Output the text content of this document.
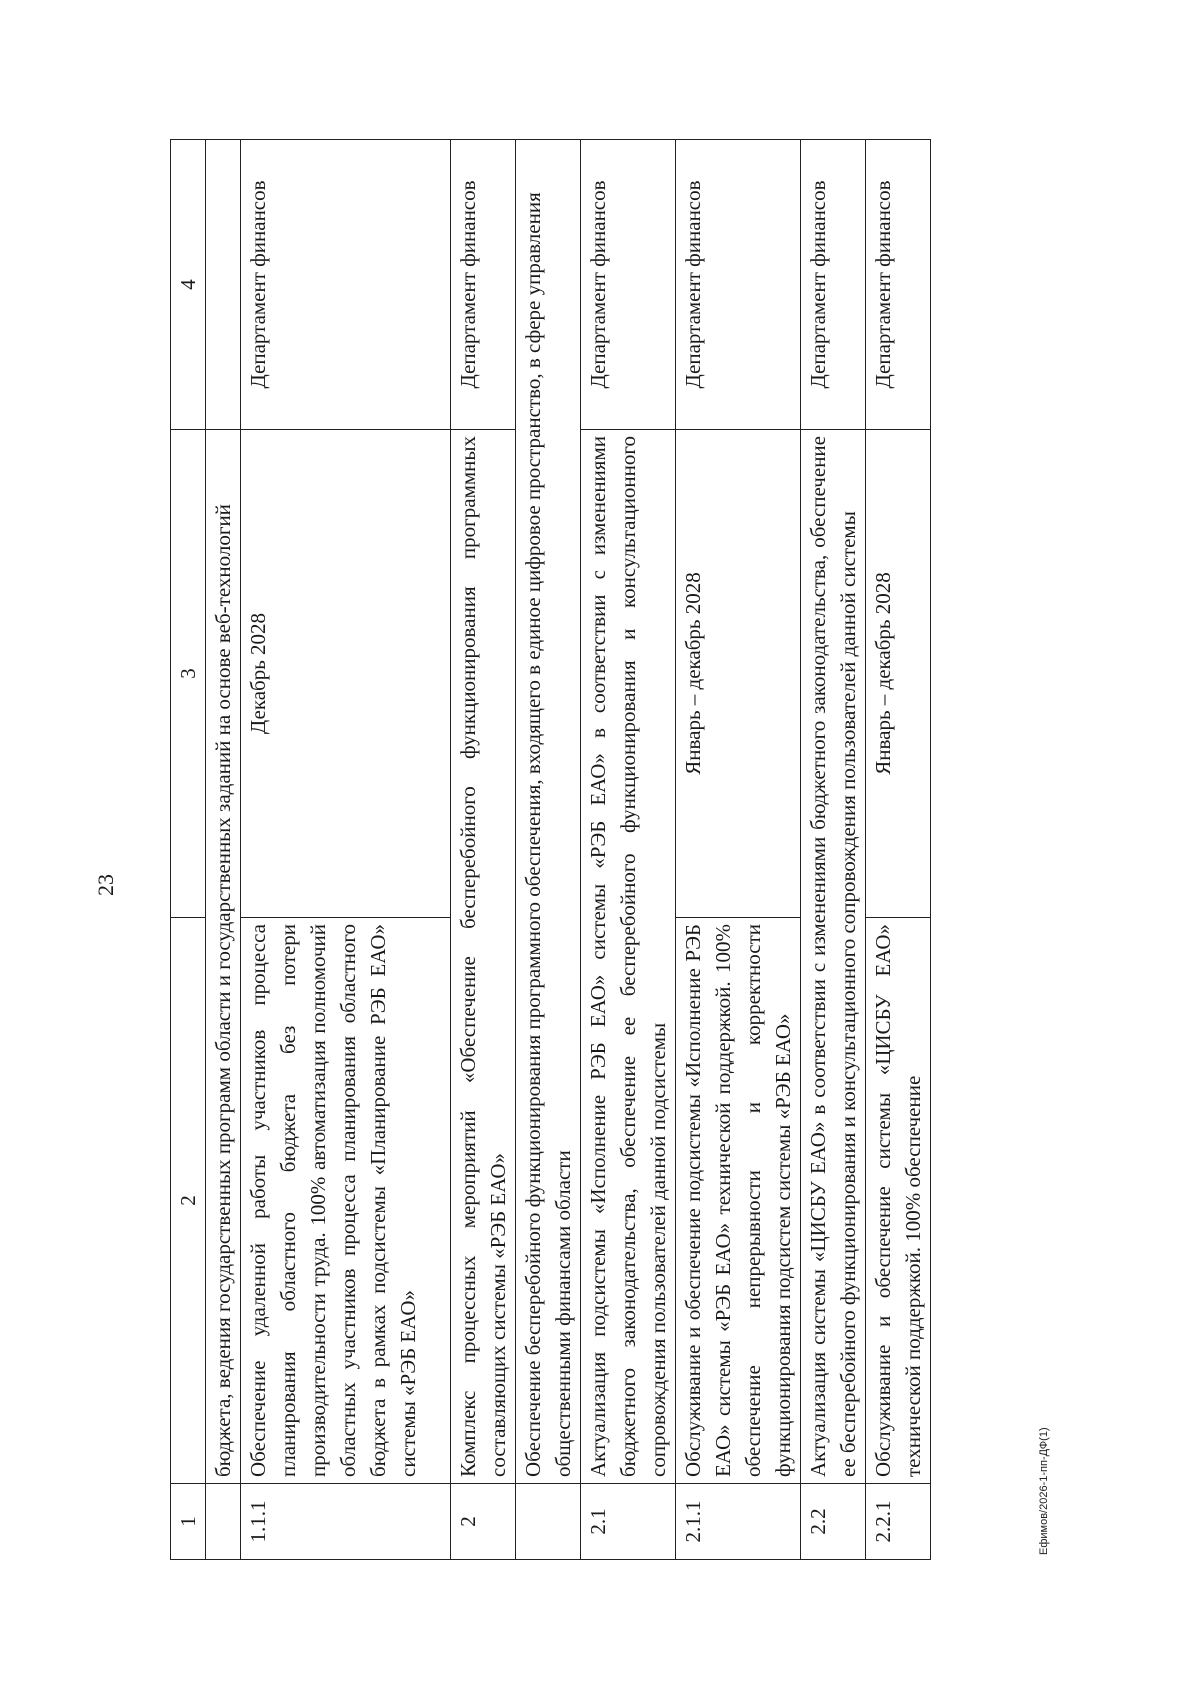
23
Ефимов/2026-1-пп-ДФ(1)
1	2	3	4
	бюджета, ведения государственных программ области и государственных заданий на основе веб-технологий		
1.1.1	Обеспечение удаленной работы участников процесса планирования областного бюджета без потери производительности труда. 100% автоматизация полномочий областных участников процесса планирования областного бюджета в рамках подсистемы «Планирование РЭБ ЕАО» системы «РЭБ ЕАО»	Декабрь 2028	Департамент финансов
2	Комплекс процессных мероприятий «Обеспечение бесперебойного функционирования программных составляющих системы «РЭБ ЕАО»		Департамент финансов
	Обеспечение бесперебойного функционирования программного обеспечения, входящего в единое цифровое пространство, в сфере управления общественными финансами области		
2.1	Актуализация подсистемы «Исполнение РЭБ ЕАО» системы «РЭБ ЕАО» в соответствии с изменениями бюджетного законодательства, обеспечение ее бесперебойного функционирования и консультационного сопровождения пользователей данной подсистемы		Департамент финансов
2.1.1	Обслуживание и обеспечение подсистемы «Исполнение РЭБ ЕАО» системы «РЭБ ЕАО» технической поддержкой. 100% обеспечение непрерывности и корректности функционирования подсистем системы «РЭБ ЕАО»	Январь – декабрь 2028	Департамент финансов
2.2	Актуализация системы «ЦИСБУ ЕАО» в соответствии с изменениями бюджетного законодательства, обеспечение ее бесперебойного функционирования и консультационного сопровождения пользователей данной системы		Департамент финансов
2.2.1	Обслуживание и обеспечение системы «ЦИСБУ ЕАО» технической поддержкой. 100% обеспечение	Январь – декабрь 2028	Департамент финансов
